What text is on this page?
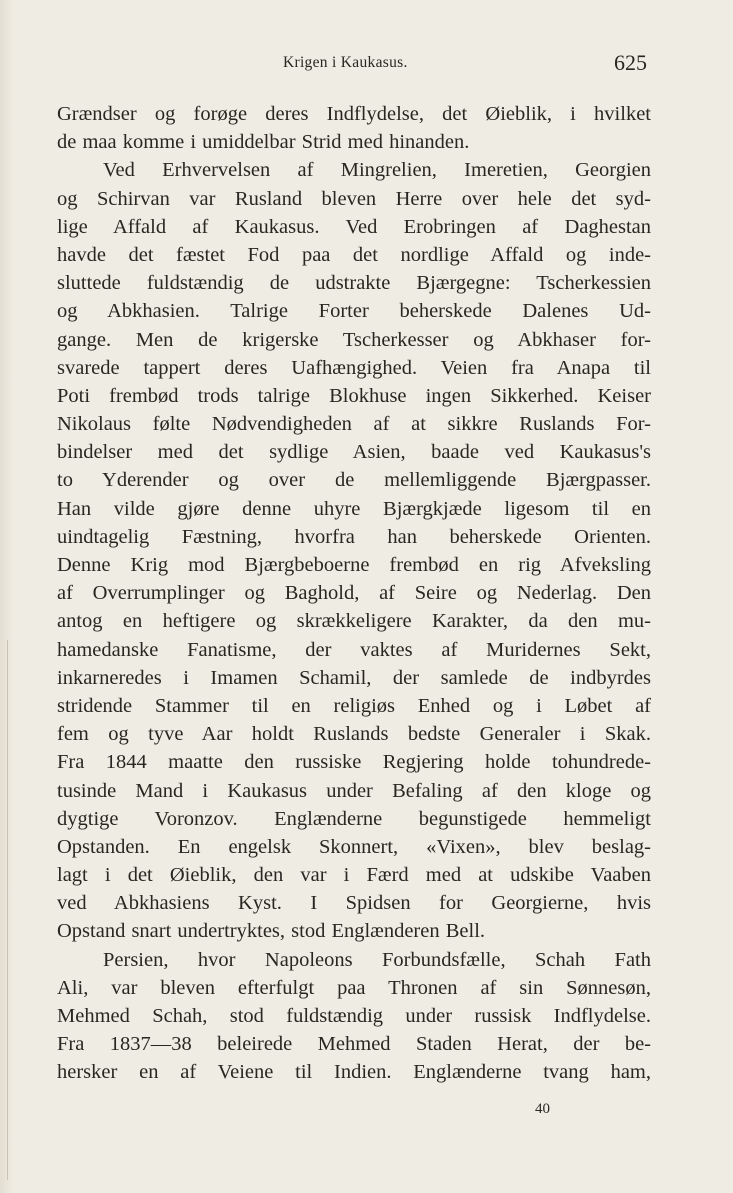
Krigen i Kaukasus.	625
Grændser og forøge deres Indflydelse, det Øieblik, i hvilket
de maa komme i umiddelbar Strid med hinanden.
Ved Erhvervelsen af Mingrelien, Imeretien, Georgien
og Schirvan var Rusland bleven Herre over hele det syd-
lige Affald af Kaukasus. Ved Erobringen af Daghestan
havde det fæstet Fod paa det nordlige Affald og inde-
sluttede fuldstændig de udstrakte Bjærgegne: Tscherkessien
og Abkhasien. Talrige Forter beherskede Dalenes Ud-
gange. Men de krigerske Tscherkesser og Abkhaser for-
svarede tappert deres Uafhængighed. Veien fra Anapa til
Poti frembød trods talrige Blokhuse ingen Sikkerhed. Keiser
Nikolaus følte Nødvendigheden af at sikkre Ruslands For-
bindelser med det sydlige Asien, baade ved Kaukasus's
to Yderender og over de mellemliggende Bjærgpasser.
Han vilde gjøre denne uhyre Bjærgkjæde ligesom til en
uindtagelig Fæstning, hvorfra han beherskede Orienten.
Denne Krig mod Bjærgbeboerne frembød en rig Afveksling
af Overrumplinger og Baghold, af Seire og Nederlag. Den
antog en heftigere og skrækkeligere Karakter, da den mu-
hamedanske Fanatisme, der vaktes af Muridernes Sekt,
inkarneredes i Imamen Schamil, der samlede de indbyrdes
stridende Stammer til en religiøs Enhed og i Løbet af
fem og tyve Aar holdt Ruslands bedste Generaler i Skak.
Fra 1844 maatte den russiske Regjering holde tohundrede-
tusinde Mand i Kaukasus under Befaling af den kloge og
dygtige Voronzov. Englænderne begunstigede hemmeligt
Opstanden. En engelsk Skonnert, «Vixen», blev beslag-
lagt i det Øieblik, den var i Færd med at udskibe Vaaben
ved Abkhasiens Kyst. I Spidsen for Georgierne, hvis
Opstand snart undertryktes, stod Englænderen Bell.
Persien, hvor Napoleons Forbundsfælle, Schah Fath
Ali, var bleven efterfulgt paa Thronen af sin Sønnesøn,
Mehmed Schah, stod fuldstændig under russisk Indflydelse.
Fra 1837—38 beleirede Mehmed Staden Herat, der be-
hersker en af Veiene til Indien. Englænderne tvang ham,
40
